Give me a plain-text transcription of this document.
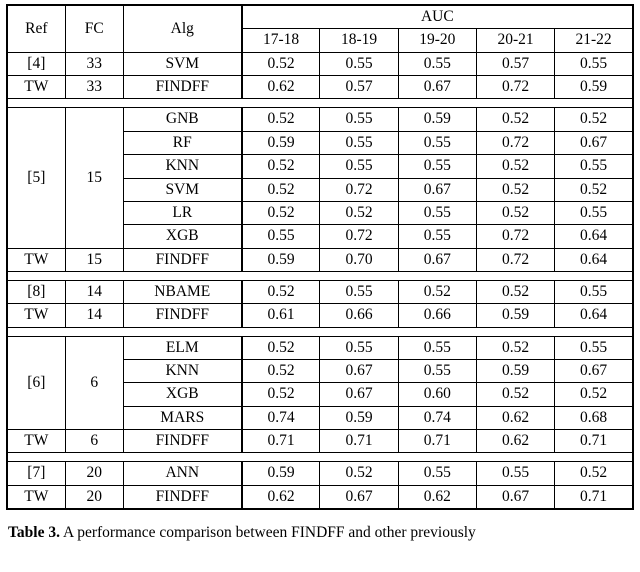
Ref	FC	Alg	AUC				
			17-18	18-19	19-20	20-21	21-22
[4]	33	SVM	0.52	0.55	0.55	0.57	0.55
TW	33	FINDFF	0.62	0.57	0.67	0.72	0.59

[5]	15	GNB	0.52	0.55	0.59	0.52	0.52
		RF	0.59	0.55	0.55	0.72	0.67
		KNN	0.52	0.55	0.55	0.52	0.55
		SVM	0.52	0.72	0.67	0.52	0.52
		LR	0.52	0.52	0.55	0.52	0.55
		XGB	0.55	0.72	0.55	0.72	0.64
TW	15	FINDFF	0.59	0.70	0.67	0.72	0.64

[8]	14	NBAME	0.52	0.55	0.52	0.52	0.55
TW	14	FINDFF	0.61	0.66	0.66	0.59	0.64

[6]	6	ELM	0.52	0.55	0.55	0.52	0.55
		KNN	0.52	0.67	0.55	0.59	0.67
		XGB	0.52	0.67	0.60	0.52	0.52
		MARS	0.74	0.59	0.74	0.62	0.68
TW	6	FINDFF	0.71	0.71	0.71	0.62	0.71

[7]	20	ANN	0.59	0.52	0.55	0.55	0.52
TW	20	FINDFF	0.62	0.67	0.62	0.67	0.71
Table 3. A performance comparison between FINDFF and other previously
